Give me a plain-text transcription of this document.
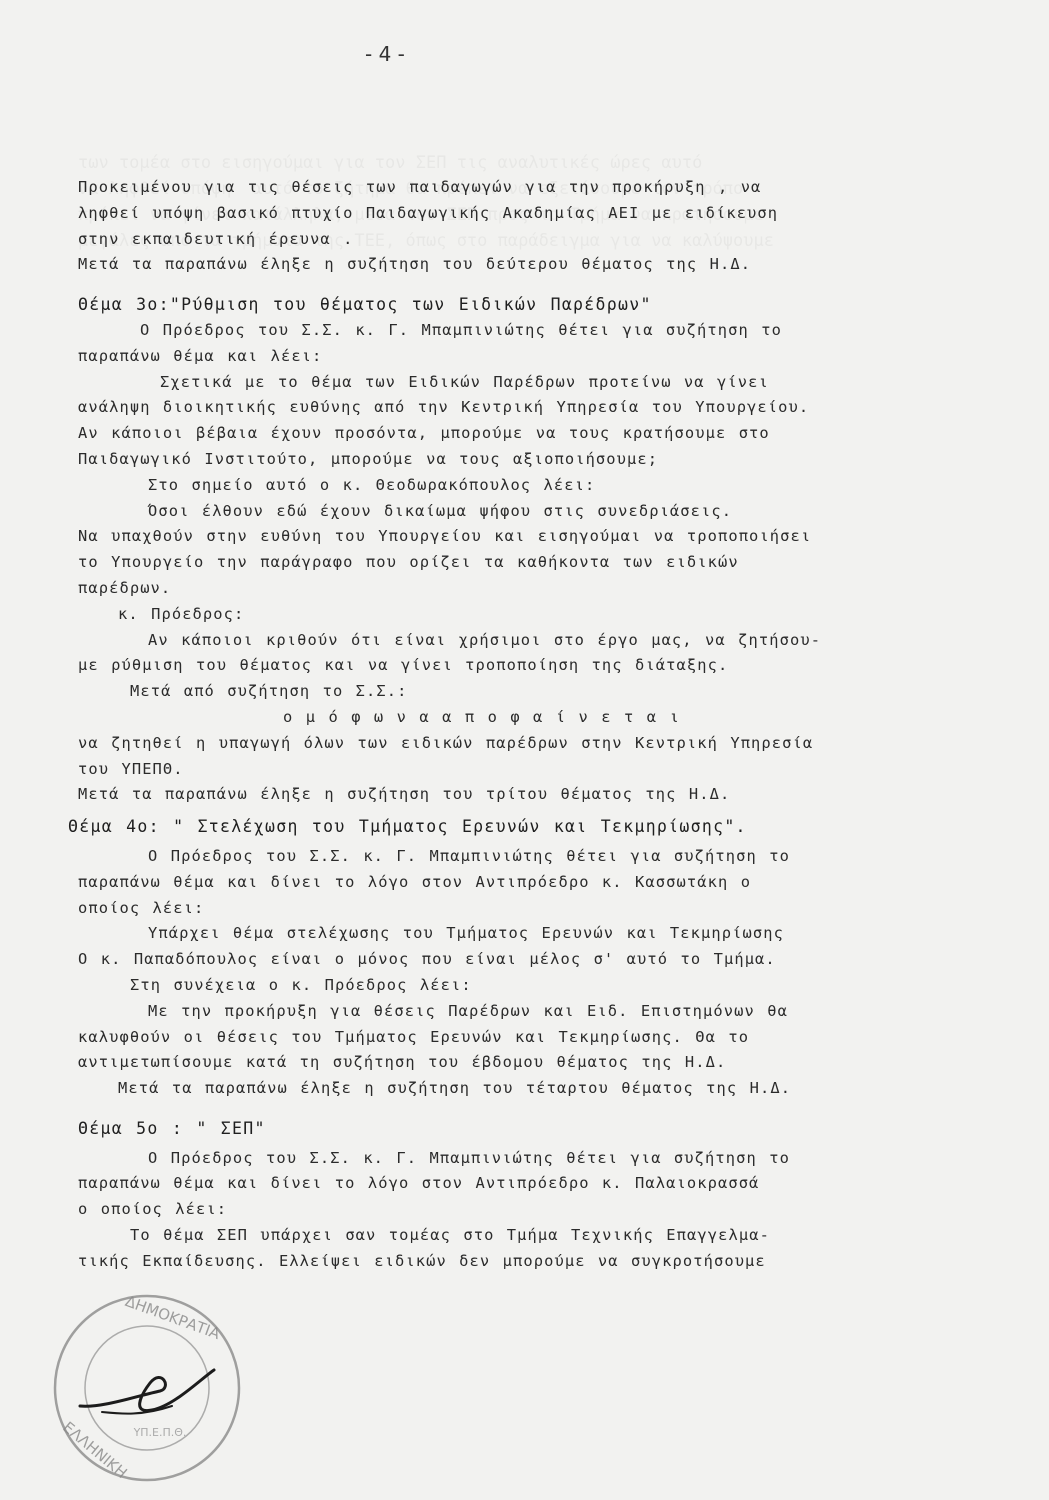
- 4 -
Προκειμένου για τις θέσεις των παιδαγωγών για την προκήρυξη , να
ληφθεί υπόψη βασικό πτυχίο Παιδαγωγικής Ακαδημίας ΑΕΙ με ειδίκευση
στην εκπαιδευτική έρευνα .
Μετά τα παραπάνω έληξε η συζήτηση του δεύτερου θέματος της Η.Δ.
Θέμα 3ο:"Ρύθμιση του θέματος των Ειδικών Παρέδρων"
Ο Πρόεδρος του Σ.Σ. κ. Γ. Μπαμπινιώτης θέτει για συζήτηση το
παραπάνω θέμα και λέει:
Σχετικά με το θέμα των Ειδικών Παρέδρων προτείνω να γίνει
ανάληψη διοικητικής ευθύνης από την Κεντρική Υπηρεσία του Υπουργείου.
Αν κάποιοι βέβαια έχουν προσόντα, μπορούμε να τους κρατήσουμε στο
Παιδαγωγικό Ινστιτούτο, μπορούμε να τους αξιοποιήσουμε;
Στο σημείο αυτό ο κ. Θεοδωρακόπουλος λέει:
Όσοι έλθουν εδώ έχουν δικαίωμα ψήφου στις συνεδριάσεις.
Να υπαχθούν στην ευθύνη του Υπουργείου και εισηγούμαι να τροποποιήσει
το Υπουργείο την παράγραφο που ορίζει τα καθήκοντα των ειδικών
παρέδρων.
κ. Πρόεδρος:
Αν κάποιοι κριθούν ότι είναι χρήσιμοι στο έργο μας, να ζητήσου-
με ρύθμιση του θέματος και να γίνει τροποποίηση της διάταξης.
Μετά από συζήτηση το Σ.Σ.:
ο μ ό φ ω ν α α π ο φ α ί ν ε τ α ι
να ζητηθεί η υπαγωγή όλων των ειδικών παρέδρων στην Κεντρική Υπηρεσία
του ΥΠΕΠΘ.
Μετά τα παραπάνω έληξε η συζήτηση του τρίτου θέματος της Η.Δ.
Θέμα 4ο: " Στελέχωση του Τμήματος Ερευνών και Τεκμηρίωσης".
Ο Πρόεδρος του Σ.Σ. κ. Γ. Μπαμπινιώτης θέτει για συζήτηση το
παραπάνω θέμα και δίνει το λόγο στον Αντιπρόεδρο κ. Κασσωτάκη ο
οποίος λέει:
Υπάρχει θέμα στελέχωσης του Τμήματος Ερευνών και Τεκμηρίωσης
Ο κ. Παπαδόπουλος είναι ο μόνος που είναι μέλος σ' αυτό το Τμήμα.
Στη συνέχεια ο κ. Πρόεδρος λέει:
Με την προκήρυξη για θέσεις Παρέδρων και Ειδ. Επιστημόνων θα
καλυφθούν οι θέσεις του Τμήματος Ερευνών και Τεκμηρίωσης. Θα το
αντιμετωπίσουμε κατά τη συζήτηση του έβδομου θέματος της Η.Δ.
Μετά τα παραπάνω έληξε η συζήτηση του τέταρτου θέματος της Η.Δ.
Θέμα 5ο : " ΣΕΠ"
Ο Πρόεδρος του Σ.Σ. κ. Γ. Μπαμπινιώτης θέτει για συζήτηση το
παραπάνω θέμα και δίνει το λόγο στον Αντιπρόεδρο κ. Παλαιοκρασσά
ο οποίος λέει:
Το θέμα ΣΕΠ υπάρχει σαν τομέας στο Τμήμα Τεχνικής Επαγγελμα-
τικής Εκπαίδευσης. Ελλείψει ειδικών δεν μπορούμε να συγκροτήσουμε
ΔΗΜΟΚΡΑΤΙΑ
ΕΛΛΗΝΙΚΗ ΥΠ.Ε.Π.Θ.
